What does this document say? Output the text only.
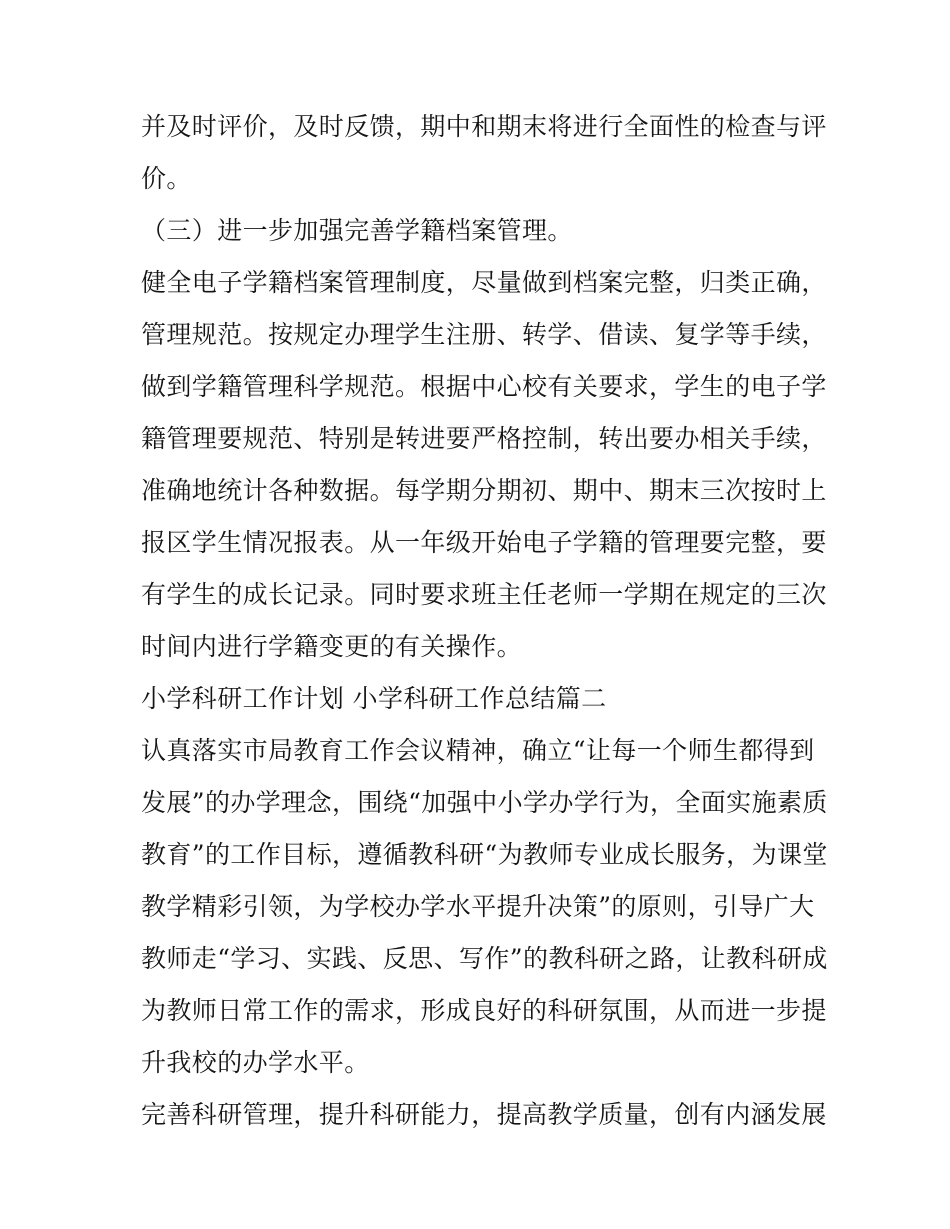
并及时评价，及时反馈，期中和期末将进行全面性的检查与评
价。
（三）进一步加强完善学籍档案管理。
健全电子学籍档案管理制度，尽量做到档案完整，归类正确，
管理规范。按规定办理学生注册、转学、借读、复学等手续，
做到学籍管理科学规范。根据中心校有关要求，学生的电子学
籍管理要规范、特别是转进要严格控制，转出要办相关手续，
准确地统计各种数据。每学期分期初、期中、期末三次按时上
报区学生情况报表。从一年级开始电子学籍的管理要完整，要
有学生的成长记录。同时要求班主任老师一学期在规定的三次
时间内进行学籍变更的有关操作。
小学科研工作计划 小学科研工作总结篇二
认真落实市局教育工作会议精神，确立“让每一个师生都得到
发展”的办学理念，围绕“加强中小学办学行为，全面实施素质
教育”的工作目标，遵循教科研“为教师专业成长服务，为课堂
教学精彩引领，为学校办学水平提升决策”的原则，引导广大
教师走“学习、实践、反思、写作”的教科研之路，让教科研成
为教师日常工作的需求，形成良好的科研氛围，从而进一步提
升我校的办学水平。
完善科研管理，提升科研能力，提高教学质量，创有内涵发展
